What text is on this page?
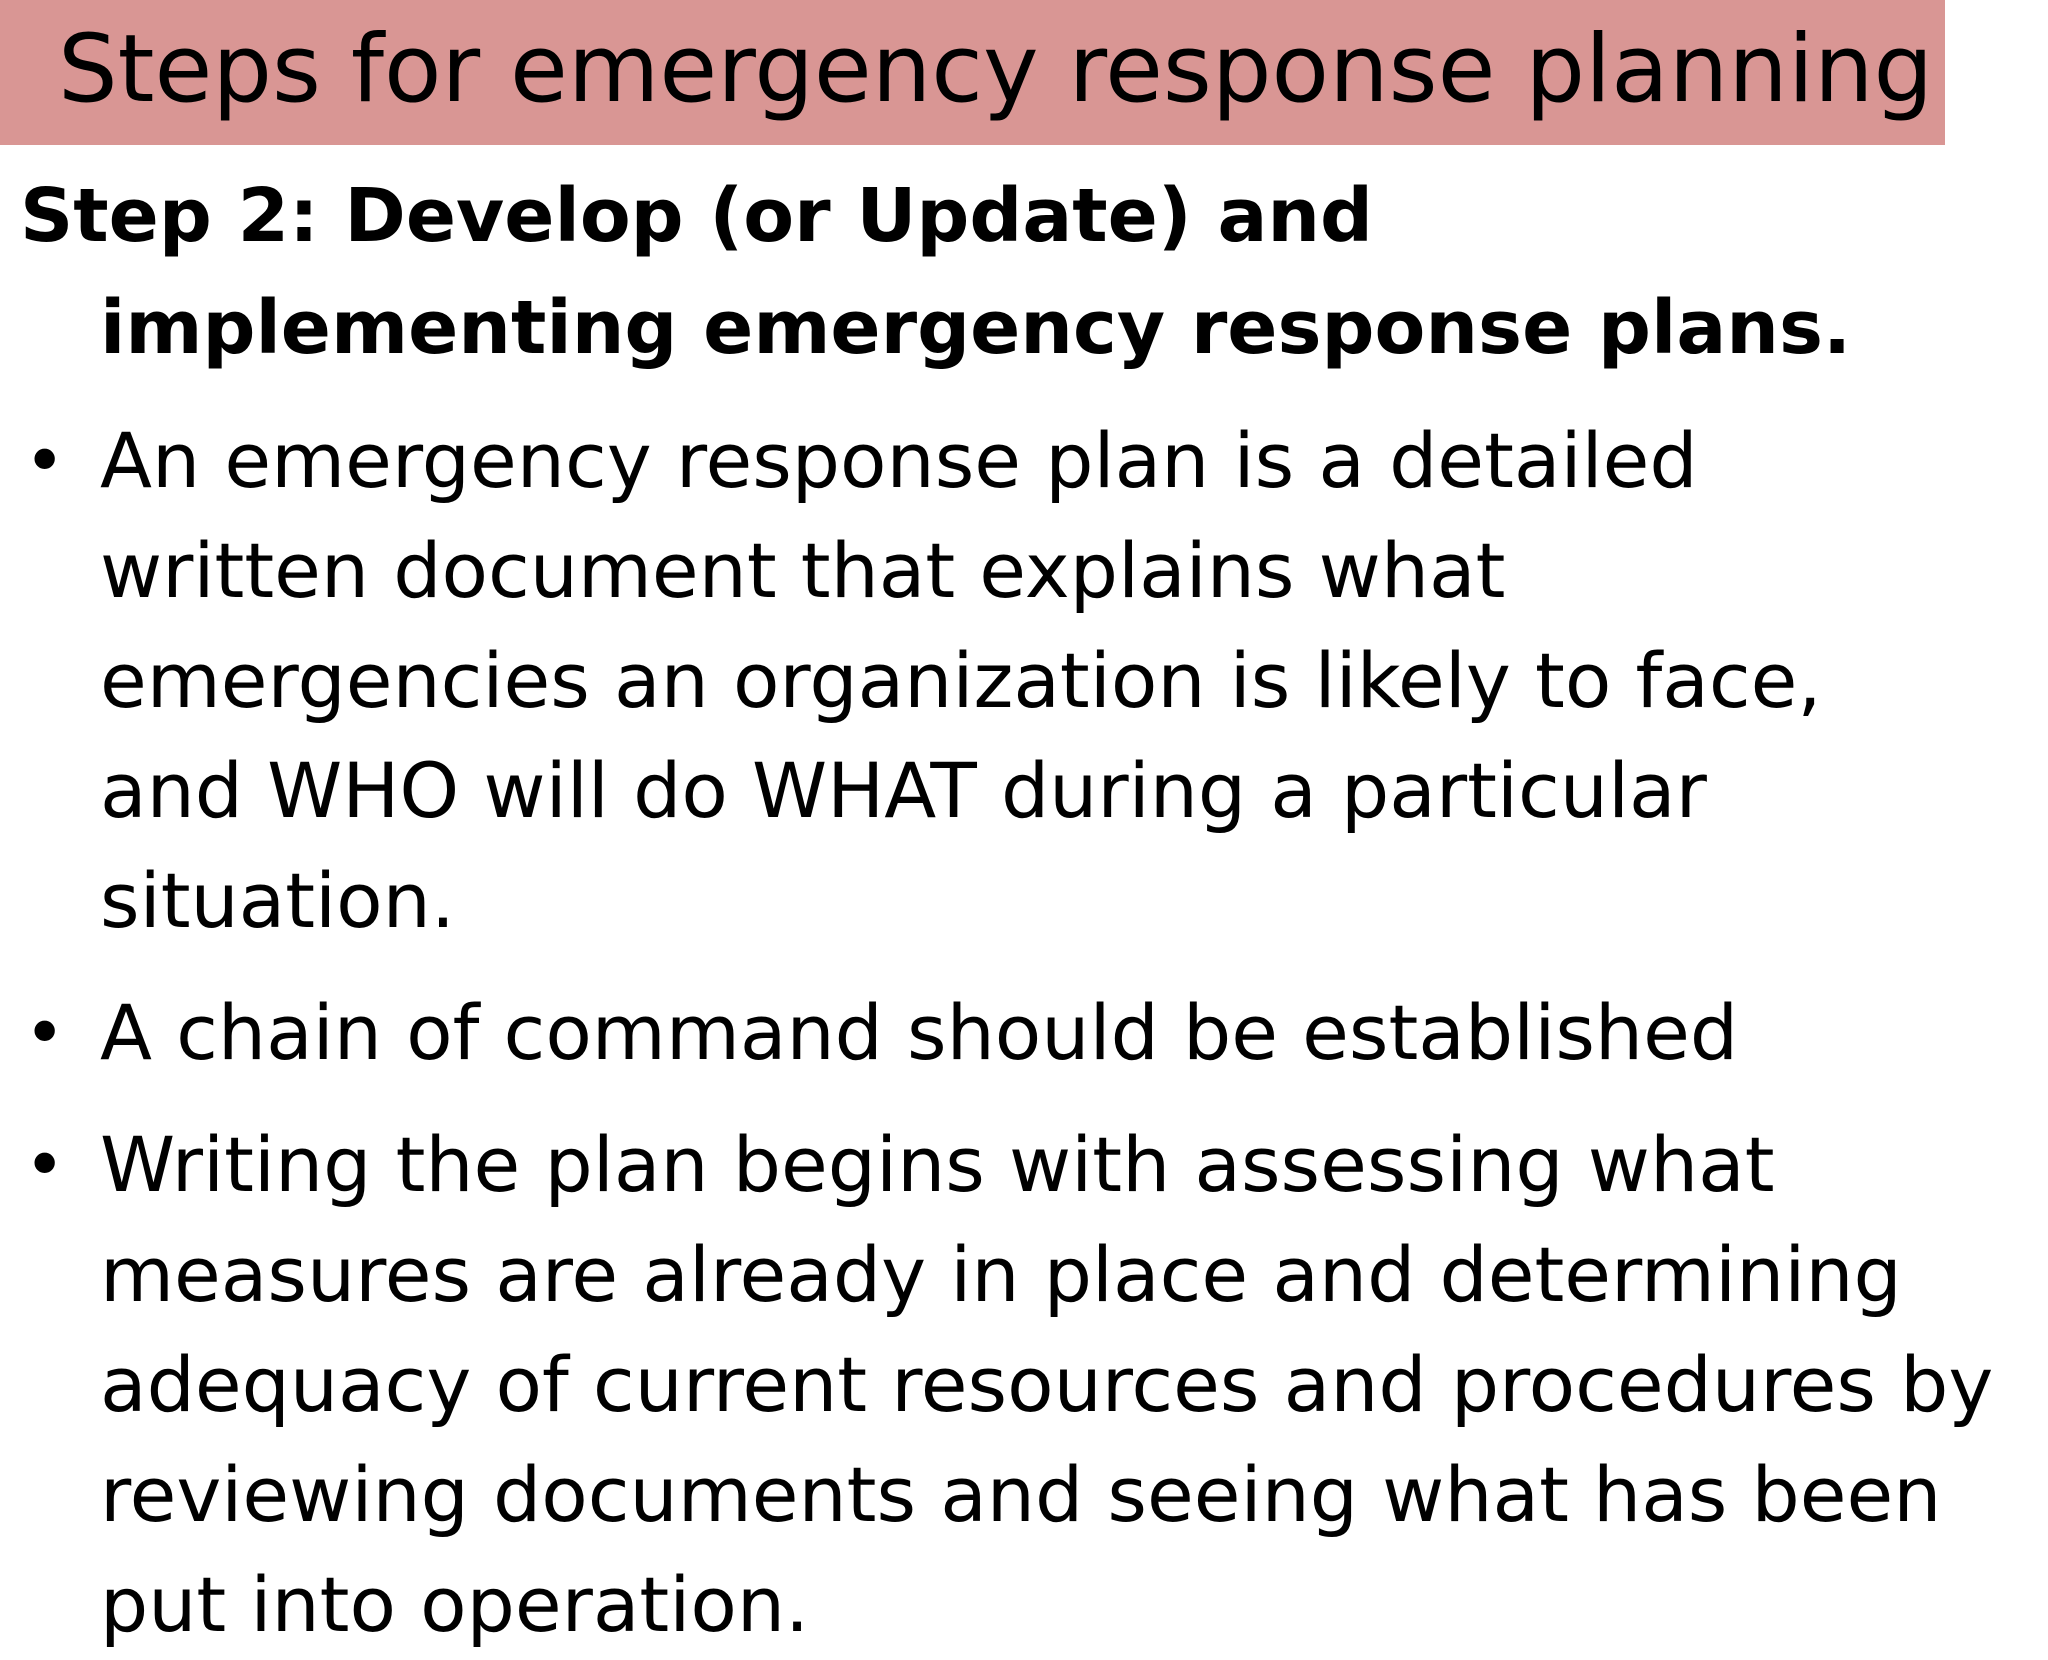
Steps for emergency response planning

Step 2: Develop (or Update) and implementing emergency response plans.

• An emergency response plan is a detailed written document that explains what emergencies an organization is likely to face, and WHO will do WHAT during a particular situation.
• A chain of command should be established
• Writing the plan begins with assessing what measures are already in place and determining adequacy of current resources and procedures by reviewing documents and seeing what has been put into operation.
